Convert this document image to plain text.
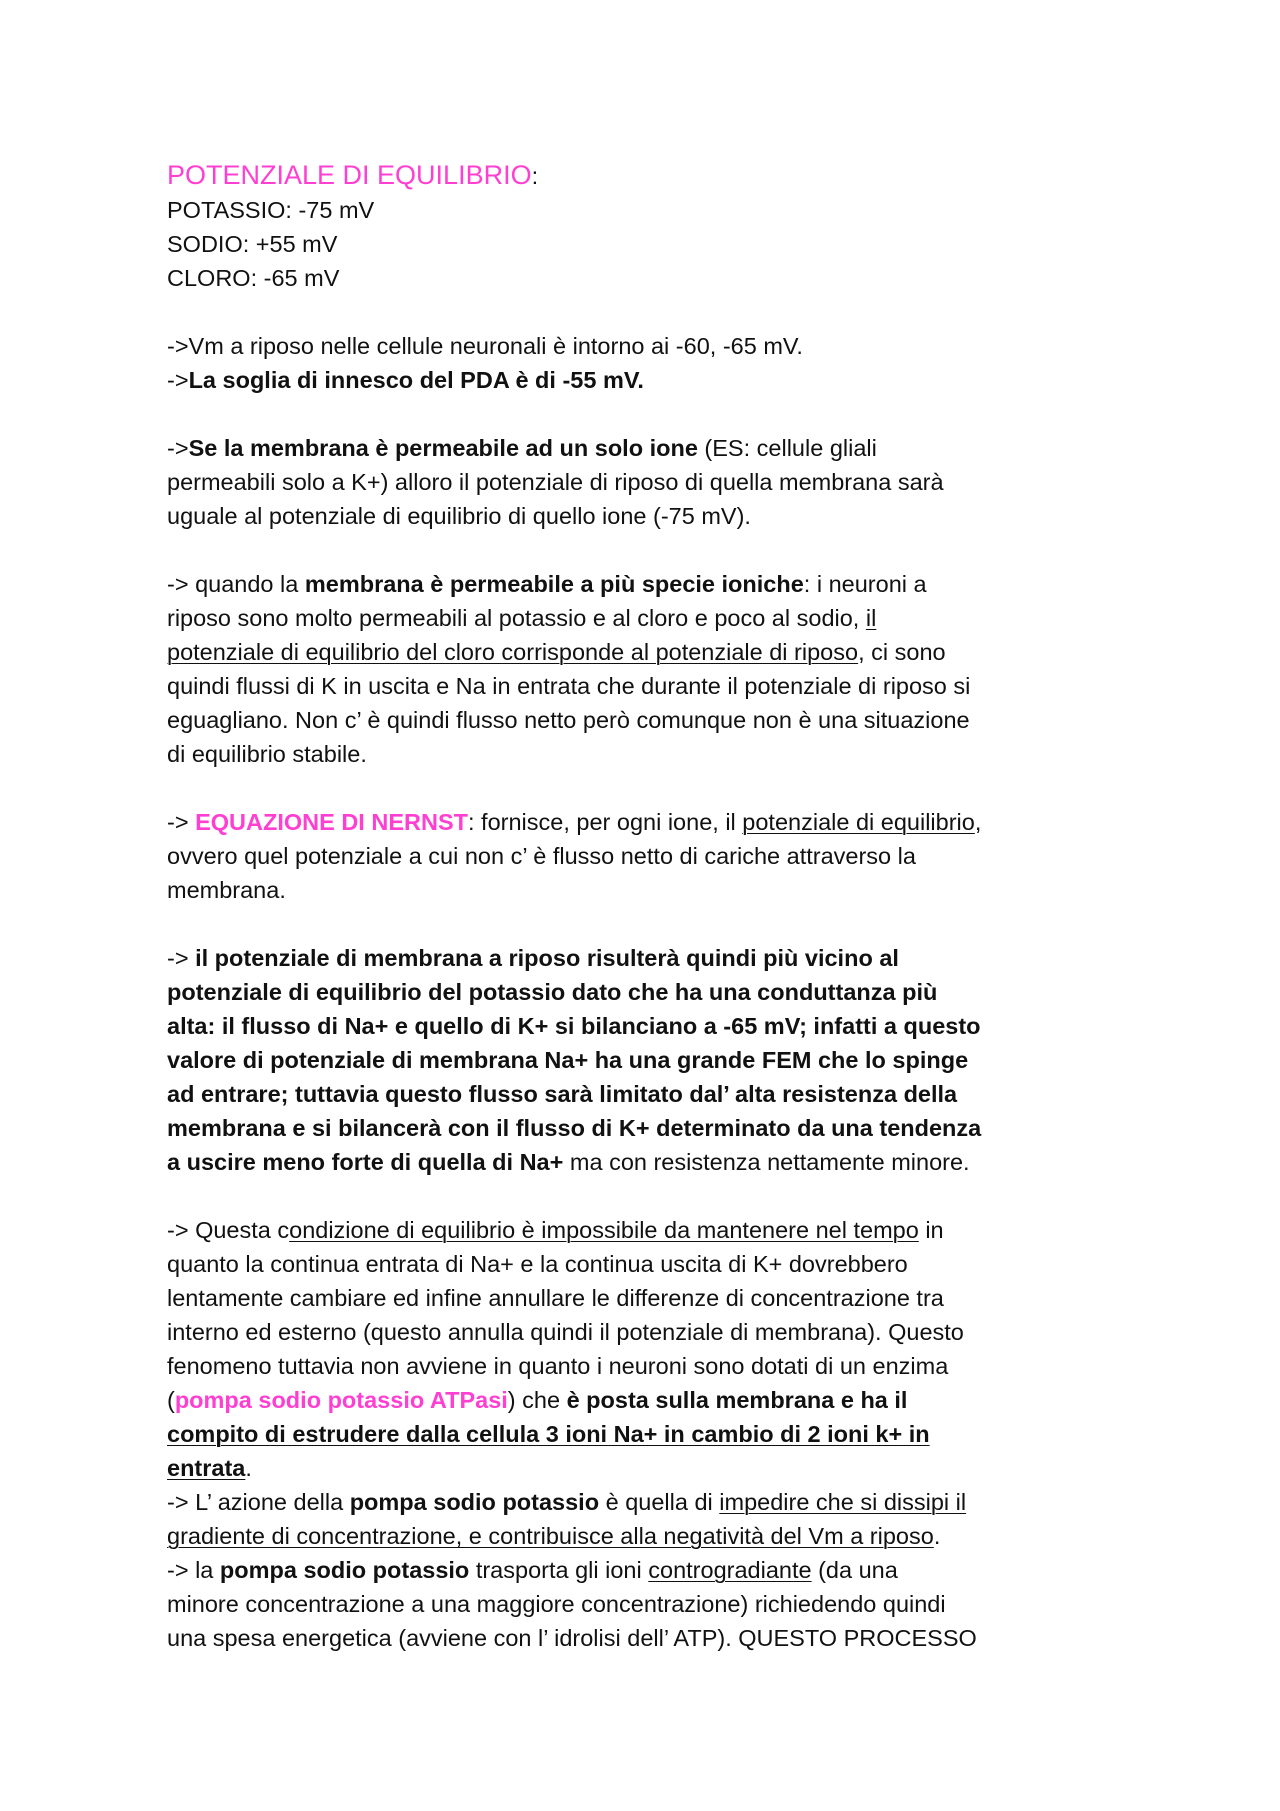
POTENZIALE DI EQUILIBRIO:
POTASSIO: -75 mV
SODIO: +55 mV
CLORO: -65 mV
->Vm a riposo nelle cellule neuronali è intorno ai -60, -65 mV.
->La soglia di innesco del PDA è di -55 mV.
->Se la membrana è permeabile ad un solo ione (ES: cellule gliali
permeabili solo a K+) alloro il potenziale di riposo di quella membrana sarà
uguale al potenziale di equilibrio di quello ione (-75 mV).
-> quando la membrana è permeabile a più specie ioniche: i neuroni a
riposo sono molto permeabili al potassio e al cloro e poco al sodio, il
potenziale di equilibrio del cloro corrisponde al potenziale di riposo, ci sono
quindi flussi di K in uscita e Na in entrata che durante il potenziale di riposo si
eguagliano. Non c’ è quindi flusso netto però comunque non è una situazione
di equilibrio stabile.
-> EQUAZIONE DI NERNST: fornisce, per ogni ione, il potenziale di equilibrio,
ovvero quel potenziale a cui non c’ è flusso netto di cariche attraverso la
membrana.
-> il potenziale di membrana a riposo risulterà quindi più vicino al
potenziale di equilibrio del potassio dato che ha una conduttanza più
alta: il flusso di Na+ e quello di K+ si bilanciano a -65 mV; infatti a questo
valore di potenziale di membrana Na+ ha una grande FEM che lo spinge
ad entrare; tuttavia questo flusso sarà limitato dal’ alta resistenza della
membrana e si bilancerà con il flusso di K+ determinato da una tendenza
a uscire meno forte di quella di Na+ ma con resistenza nettamente minore.
-> Questa condizione di equilibrio è impossibile da mantenere nel tempo in
quanto la continua entrata di Na+ e la continua uscita di K+ dovrebbero
lentamente cambiare ed infine annullare le differenze di concentrazione tra
interno ed esterno (questo annulla quindi il potenziale di membrana). Questo
fenomeno tuttavia non avviene in quanto i neuroni sono dotati di un enzima
(pompa sodio potassio ATPasi) che è posta sulla membrana e ha il
compito di estrudere dalla cellula 3 ioni Na+ in cambio di 2 ioni k+ in
entrata.
-> L’ azione della pompa sodio potassio è quella di impedire che si dissipi il
gradiente di concentrazione, e contribuisce alla negatività del Vm a riposo.
-> la pompa sodio potassio trasporta gli ioni controgradiante (da una
minore concentrazione a una maggiore concentrazione) richiedendo quindi
una spesa energetica (avviene con l’ idrolisi dell’ ATP). QUESTO PROCESSO
